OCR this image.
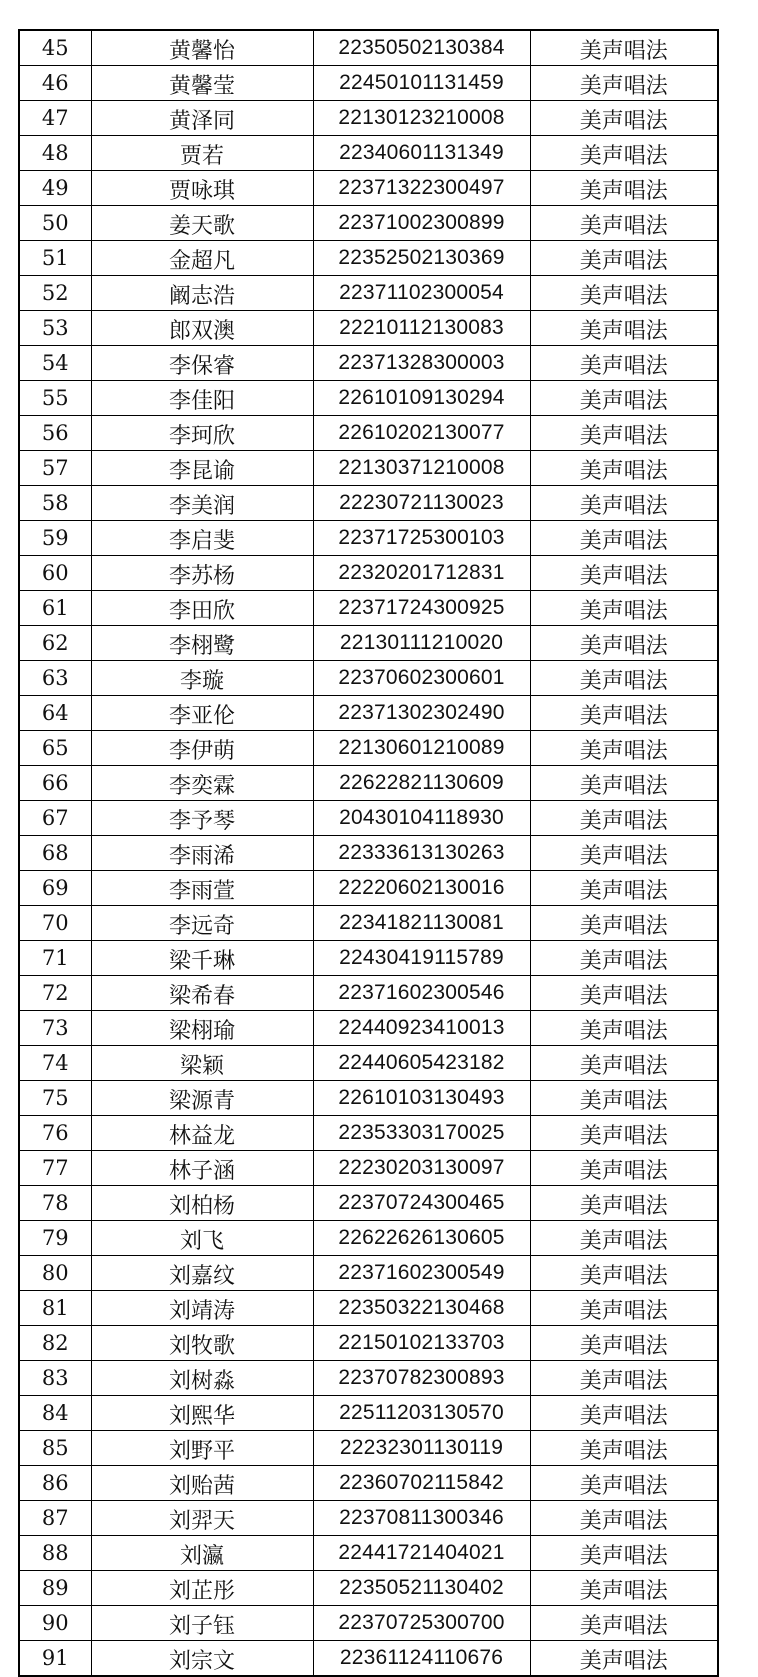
45	黄馨怡	22350502130384	美声唱法
46	黄馨莹	22450101131459	美声唱法
47	黄泽同	22130123210008	美声唱法
48	贾若	22340601131349	美声唱法
49	贾咏琪	22371322300497	美声唱法
50	姜天歌	22371002300899	美声唱法
51	金超凡	22352502130369	美声唱法
52	阚志浩	22371102300054	美声唱法
53	郎双澳	22210112130083	美声唱法
54	李保睿	22371328300003	美声唱法
55	李佳阳	22610109130294	美声唱法
56	李珂欣	22610202130077	美声唱法
57	李昆谕	22130371210008	美声唱法
58	李美润	22230721130023	美声唱法
59	李启斐	22371725300103	美声唱法
60	李苏杨	22320201712831	美声唱法
61	李田欣	22371724300925	美声唱法
62	李栩鹭	22130111210020	美声唱法
63	李璇	22370602300601	美声唱法
64	李亚伦	22371302302490	美声唱法
65	李伊萌	22130601210089	美声唱法
66	李奕霖	22622821130609	美声唱法
67	李予琴	20430104118930	美声唱法
68	李雨浠	22333613130263	美声唱法
69	李雨萱	22220602130016	美声唱法
70	李远奇	22341821130081	美声唱法
71	梁千琳	22430419115789	美声唱法
72	梁希春	22371602300546	美声唱法
73	梁栩瑜	22440923410013	美声唱法
74	梁颖	22440605423182	美声唱法
75	梁源青	22610103130493	美声唱法
76	林益龙	22353303170025	美声唱法
77	林子涵	22230203130097	美声唱法
78	刘柏杨	22370724300465	美声唱法
79	刘飞	22622626130605	美声唱法
80	刘嘉纹	22371602300549	美声唱法
81	刘靖涛	22350322130468	美声唱法
82	刘牧歌	22150102133703	美声唱法
83	刘树淼	22370782300893	美声唱法
84	刘熙华	22511203130570	美声唱法
85	刘野平	22232301130119	美声唱法
86	刘贻茜	22360702115842	美声唱法
87	刘羿天	22370811300346	美声唱法
88	刘瀛	22441721404021	美声唱法
89	刘芷彤	22350521130402	美声唱法
90	刘子钰	22370725300700	美声唱法
91	刘宗文	22361124110676	美声唱法
